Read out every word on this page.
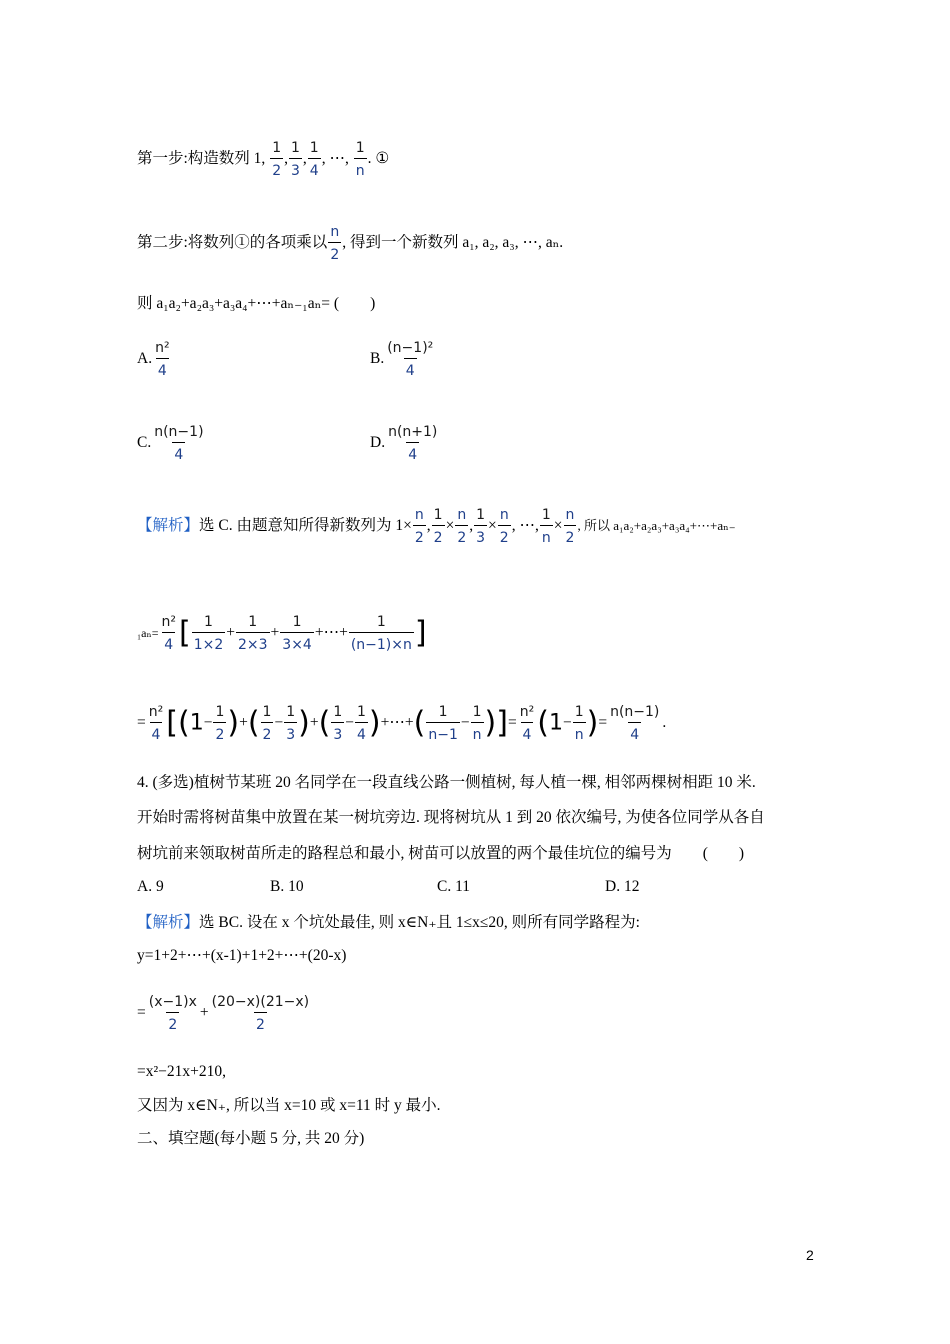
第一步:构造数列 1, $\frac{1}{2}$ , $\frac{1}{3}$ , $\frac{1}{4}$ , ⋯, $\frac{1}{n}$ . ①
第二步:将数列①的各项乘以 $\frac{n}{2}$ , 得到一个新数列 a₁, a₂, a₃, ⋯, aₙ.
则 a₁a₂+a₂a₃+a₃a₄+⋯+aₙ₋₁aₙ= (　　)
A. $\frac{\text{n²}}{4}$	B. $\frac{\text{(n−1)²}}{4}$
C. $\frac{n(n-1)}{4}$	D. $\frac{n(n+1)}{4}$
【解析】选 C. 由题意知所得新数列为 $1\times \frac{n}{2}$ , $\frac{1}{2} \times \frac{n}{2}$ , $\frac{1}{3} \times \frac{n}{2}$ , ⋯, $\frac{1}{n} \times \frac{n}{2}$ , 所以 a₁a₂+a₂a₃+a₃a₄+⋯+aₙ₋
$_1a_n= \frac{\text{n²}}{4}$ [ $\frac{1}{1\times 2} + \frac{1}{2\times 3} + \frac{1}{3\times 4}$ +⋯+ $\frac{1}{(n-1)\times n}$ ]
= $\frac{\text{n²}}{4} [(1- \frac{1}{2}$ )+( $\frac{1}{2} - \frac{1}{3}$ )+( $\frac{1}{3} - \frac{1}{4}$ )+⋯+( $\frac{1}{n-1} - \frac{1}{n}$ )]= $\frac{\text{n²}}{4} (1- \frac{1}{n}$ )= $\frac{n(n-1)}{4}$ .
4. (多选)植树节某班 20 名同学在一段直线公路一侧植树, 每人植一棵, 相邻两棵树相距 10 米.
开始时需将树苗集中放置在某一树坑旁边. 现将树坑从 1 到 20 依次编号, 为使各位同学从各自
树坑前来领取树苗所走的路程总和最小, 树苗可以放置的两个最佳坑位的编号为　　(　　)
A. 9	B. 10	C. 11	D. 12
【解析】选 BC. 设在 x 个坑处最佳, 则 x∈N₊且 1≤x≤20, 则所有同学路程为:
y=1+2+⋯+(x-1)+1+2+⋯+(20-x)
= $\frac{(x-1)x}{2} + \frac{(20-x)(21-x)}{2}$
=x²−21x+210,
又因为 x∈N₊, 所以当 x=10 或 x=11 时 y 最小.
二、填空题(每小题 5 分, 共 20 分)
2
